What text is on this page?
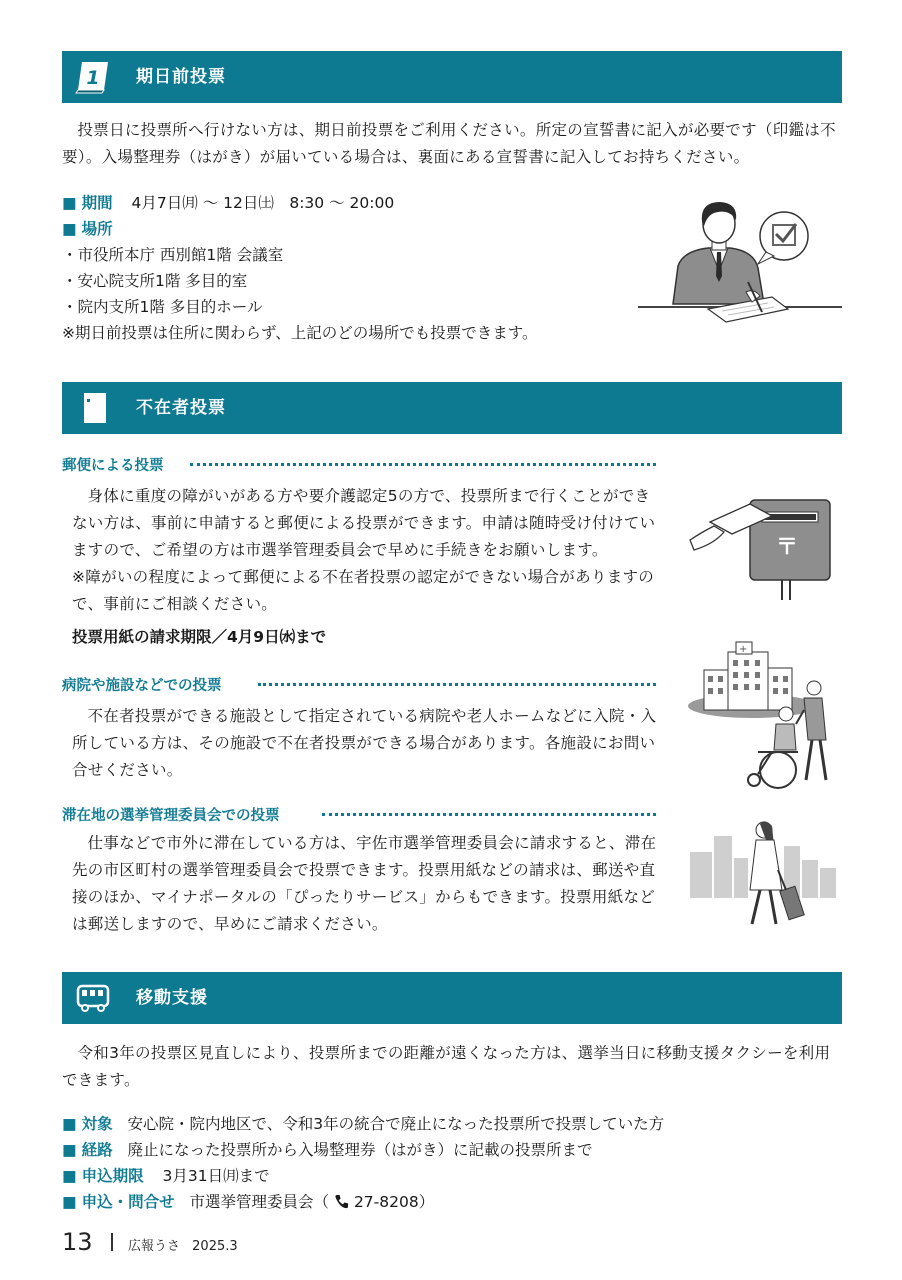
1 期日前投票

投票日に投票所へ行けない方は、期日前投票をご利用ください。所定の宣誓書に記入が必要です（印鑑は不要）。入場整理券（はがき）が届いている場合は、裏面にある宣誓書に記入してお持ちください。

■ 期間 4月7日㈪ ～ 12日㈯　8:30 ～ 20:00
■ 場所
・市役所本庁 西別館1階 会議室
・安心院支所1階 多目的室
・院内支所1階 多目的ホール
※期日前投票は住所に関わらず、上記のどの場所でも投票できます。
不在者投票
郵便による投票

身体に重度の障がいがある方や要介護認定5の方で、投票所まで行くことができない方は、事前に申請すると郵便による投票ができます。申請は随時受け付けていますので、ご希望の方は市選挙管理委員会で早めに手続きをお願いします。

※障がいの程度によって郵便による不在者投票の認定ができない場合がありますので、事前にご相談ください。

投票用紙の請求期限／4月9日㈬まで
〒
病院や施設などでの投票

不在者投票ができる施設として指定されている病院や老人ホームなどに入院・入所している方は、その施設で不在者投票ができる場合があります。各施設にお問い合せください。

+
滞在地の選挙管理委員会での投票

仕事などで市外に滞在している方は、宇佐市選挙管理委員会に請求すると、滞在先の市区町村の選挙管理委員会で投票できます。投票用紙などの請求は、郵送や直接のほか、マイナポータルの「ぴったりサービス」からもできます。投票用紙などは郵送しますので、早めにご請求ください。

移動支援

令和3年の投票区見直しにより、投票所までの距離が遠くなった方は、選挙当日に移動支援タクシーを利用できます。

■ 対象 安心院・院内地区で、令和3年の統合で廃止になった投票所で投票していた方
■ 経路 廃止になった投票所から入場整理券（はがき）に記載の投票所まで
■ 申込期限 3月31日㈪まで
■ 申込・問合せ 市選挙管理委員会（ 27-8208）
13	広報うさ 2025.3
